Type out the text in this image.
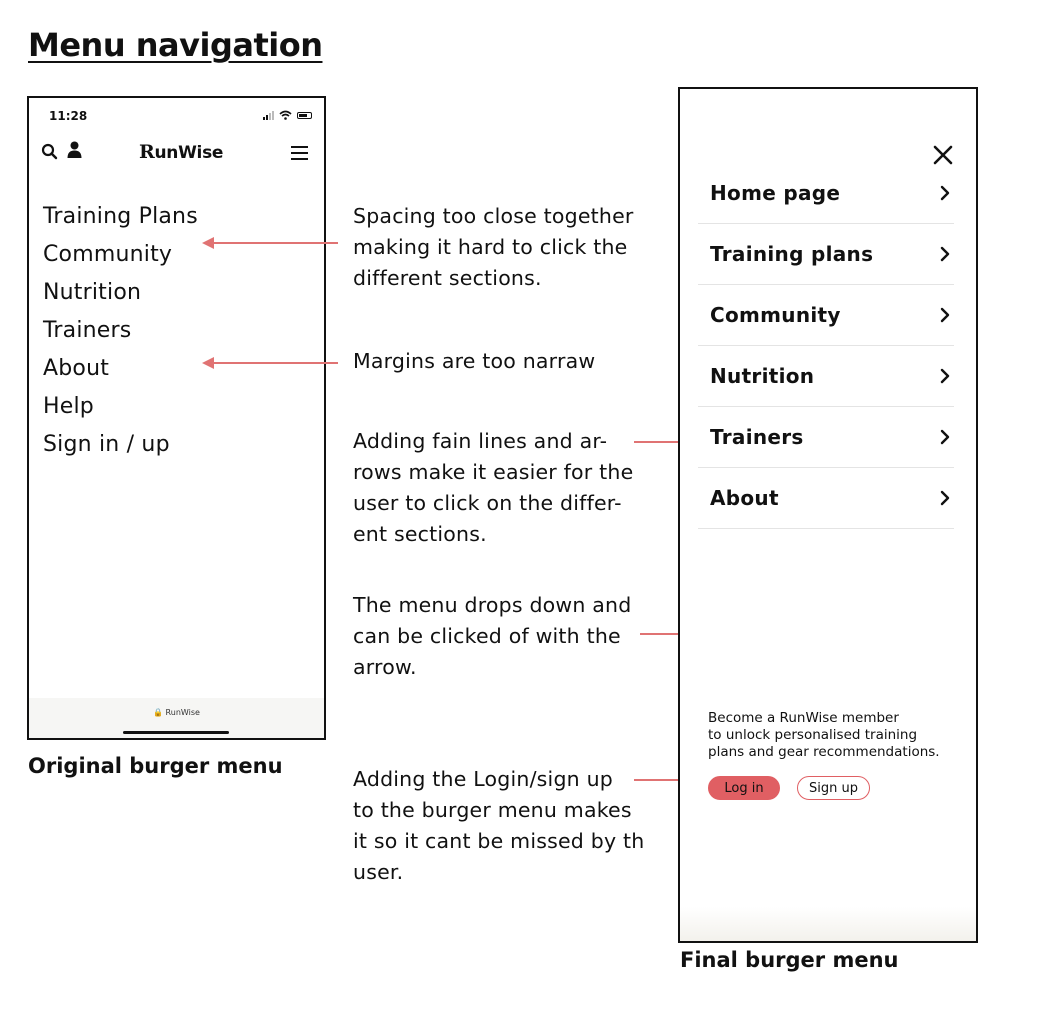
Menu navigation
11:28
RunWise
Training Plans
Community
Nutrition
Trainers
About
Help
Sign in / up
🔒 RunWise

Original burger menu

Spacing too close together
making it hard to click the
different sections.

Margins are too narraw

Adding fain lines and ar-
rows make it easier for the
user to click on the differ-
ent sections.

The menu drops down and
can be clicked of with the
arrow.

Adding the Login/sign up
to the burger menu makes
it so it cant be missed by th
user.

Home page
Training plans
Community
Nutrition
Trainers
About

Become a RunWise member
to unlock personalised training
plans and gear recommendations.

Log in	Sign up

Final burger menu
